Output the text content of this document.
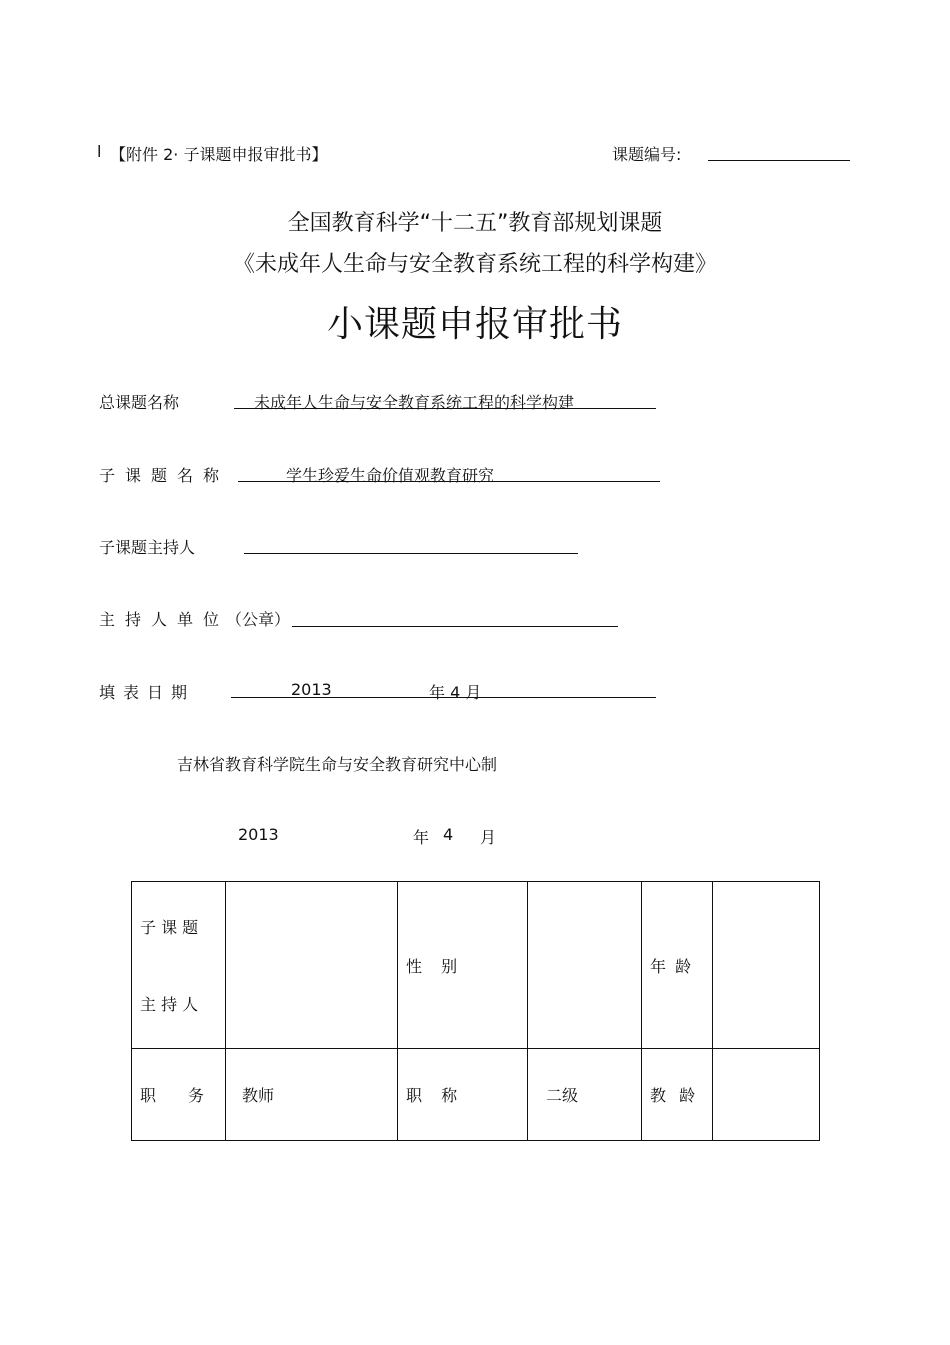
l 【附件 2· 子课题申报审批书】	课题编号:
全国教育科学“十二五”教育部规划课题
《未成年人生命与安全教育系统工程的科学构建》
小课题申报审批书
总课题名称	未成年人生命与安全教育系统工程的科学构建
子课题名称	学生珍爱生命价值观教育研究
子课题主持人
主持人单位
（公章）
填表日期	2013	年 4 月
吉林省教育科学院生命与安全教育研究中心制
2013	年 4 月
子 课 题
主 持 人		性 别		年 龄	
职　　务	教师	职 称	二级	教 龄	
